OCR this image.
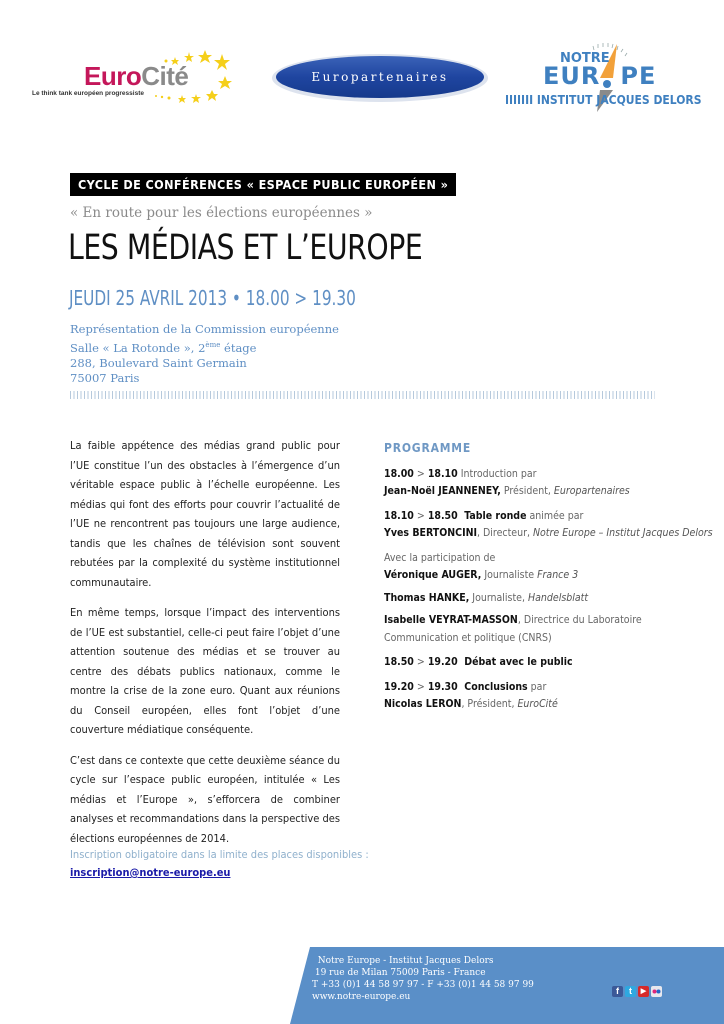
EuroCité
Le think tank européen progressiste
Europartenaires
NOTRE
EUR PE
IIIIIII INSTITUT JACQUES DELORS
CYCLE DE CONFÉRENCES « ESPACE PUBLIC EUROPÉEN »
« En route pour les élections européennes »
LES MÉDIAS ET L’EUROPE
JEUDI 25 AVRIL 2013 • 18.00 > 19.30
Représentation de la Commission européenne
Salle « La Rotonde », 2ème étage
288, Boulevard Saint Germain
75007 Paris

La faible appétence des médias grand public pour l’UE constitue l’un des obstacles à l’émergence d’un véritable espace public à l’échelle européenne. Les médias qui font des efforts pour couvrir l’actualité de l’UE ne rencontrent pas toujours une large audience, tandis que les chaînes de télévision sont souvent rebutées par la complexité du système institutionnel communautaire.

En même temps, lorsque l’impact des interventions de l’UE est substantiel, celle-ci peut faire l’objet d’une attention soutenue des médias et se trouver au centre des débats publics nationaux, comme le montre la crise de la zone euro. Quant aux réunions du Conseil européen, elles font l’objet d’une couverture médiatique conséquente.

C’est dans ce contexte que cette deuxième séance du cycle sur l’espace public européen, intitulée « Les médias et l’Europe », s’efforcera de combiner analyses et recommandations dans la perspective des élections européennes de 2014.

Inscription obligatoire dans la limite des places disponibles :
inscription@notre-europe.eu
PROGRAMME
18.00 > 18.10 Introduction par
Jean-Noël JEANNENEY, Président, Europartenaires
18.10 > 18.50  Table ronde animée par
Yves BERTONCINI, Directeur, Notre Europe – Institut Jacques Delors
Avec la participation de
Véronique AUGER, Journaliste France 3
Thomas HANKE, Journaliste, Handelsblatt
Isabelle VEYRAT-MASSON, Directrice du Laboratoire
Communication et politique (CNRS)
18.50 > 19.20  Débat avec le public
19.20 > 19.30  Conclusions par
Nicolas LERON, Président, EuroCité
Notre Europe - Institut Jacques Delors
19 rue de Milan 75009 Paris - France
T +33 (0)1 44 58 97 97 - F +33 (0)1 44 58 97 99
www.notre-europe.eu
f	t	▶
